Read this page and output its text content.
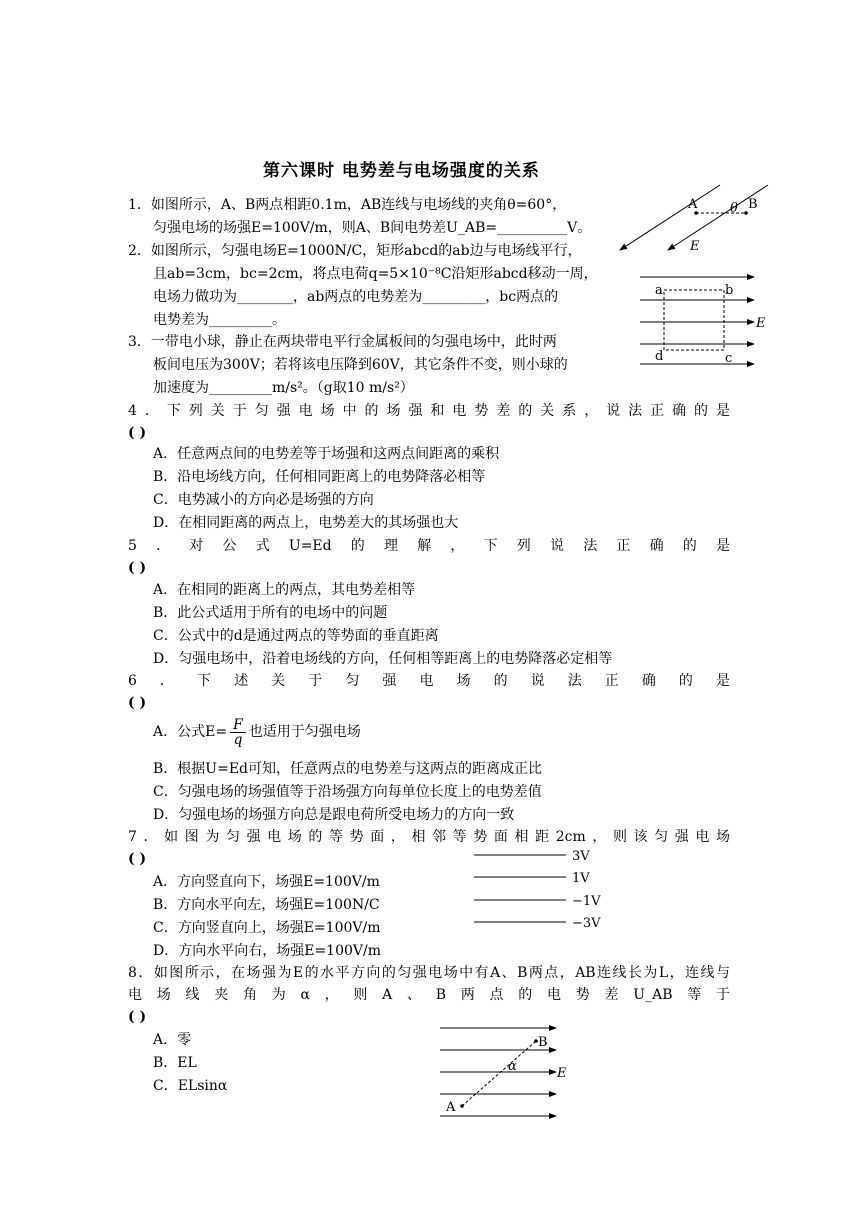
第六课时 电势差与电场强度的关系
1．如图所示，A、B两点相距0.1m，AB连线与电场线的夹角θ=60°，
匀强电场的场强E=100V/m，则A、B间电势差U_AB=__________V。
2．如图所示，匀强电场E=1000N/C，矩形abcd的ab边与电场线平行，
且ab=3cm，bc=2cm，将点电荷q=5×10⁻⁸C沿矩形abcd移动一周，
电场力做功为________，ab两点的电势差为_________，bc两点的
电势差为_________。
3．一带电小球，静止在两块带电平行金属板间的匀强电场中，此时两
板间电压为300V；若将该电压降到60V，其它条件不变，则小球的
加速度为_________m/s²。（g取10 m/s²）
4．下列关于匀强电场中的场强和电势差的关系，说法正确的是
( )
A．任意两点间的电势差等于场强和这两点间距离的乘积
B．沿电场线方向，任何相同距离上的电势降落必相等
C．电势减小的方向必是场强的方向
D．在相同距离的两点上，电势差大的其场强也大
5．对公式U=Ed的理解，下列说法正确的是
( )
A．在相同的距离上的两点，其电势差相等
B．此公式适用于所有的电场中的问题
C．公式中的d是通过两点的等势面的垂直距离
D．匀强电场中，沿着电场线的方向，任何相等距离上的电势降落必定相等
6．下述关于匀强电场的说法正确的是
( )
A．公式$E= \frac{F}{q}$ 也适用于匀强电场
B．根据U=Ed可知，任意两点的电势差与这两点的距离成正比
C．匀强电场的场强值等于沿场强方向每单位长度上的电势差值
D．匀强电场的场强方向总是跟电荷所受电场力的方向一致
7．如图为匀强电场的等势面，相邻等势面相距2cm，则该匀强电场
( )
A．方向竖直向下，场强E=100V/m
B．方向水平向左，场强E=100N/C
C．方向竖直向上，场强E=100V/m
D．方向水平向右，场强E=100V/m
8．如图所示，在场强为E的水平方向的匀强电场中有A、B两点，AB连线长为L，连线与
电场线夹角为α，则A、B两点的电势差U_AB等于
( )
A．零
B．EL
C．ELsinα
A	B
θ
E
a	b
d	c
E
3V
1V
−1V
−3V
A
B
α	E
